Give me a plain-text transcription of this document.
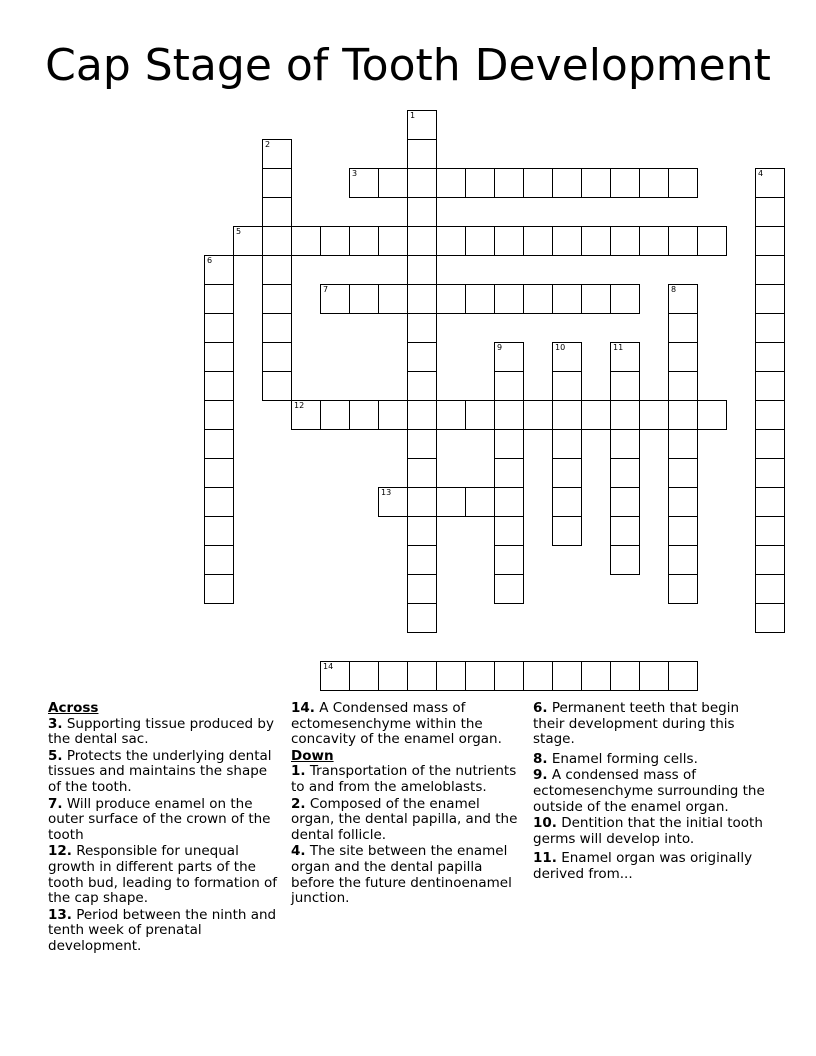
Cap Stage of Tooth Development
1
2
3	4
5
6
7	8
9	10	11
12
13
14
Across
3. Supporting tissue produced by the dental sac.
5. Protects the underlying dental tissues and maintains the shape of the tooth.
7. Will produce enamel on the outer surface of the crown of the tooth
12. Responsible for unequal growth in different parts of the tooth bud, leading to formation of the cap shape.
13. Period between the ninth and tenth week of prenatal development.
14. A Condensed mass of ectomesenchyme within the concavity of the enamel organ.
Down
1. Transportation of the nutrients to and from the ameloblasts.
2. Composed of the enamel organ, the dental papilla, and the dental follicle.
4. The site between the enamel organ and the dental papilla before the future dentinoenamel junction.
6. Permanent teeth that begin their development during this stage.
8. Enamel forming cells.
9. A condensed mass of ectomesenchyme surrounding the outside of the enamel organ.
10. Dentition that the initial tooth germs will develop into.
11. Enamel organ was originally derived from...
